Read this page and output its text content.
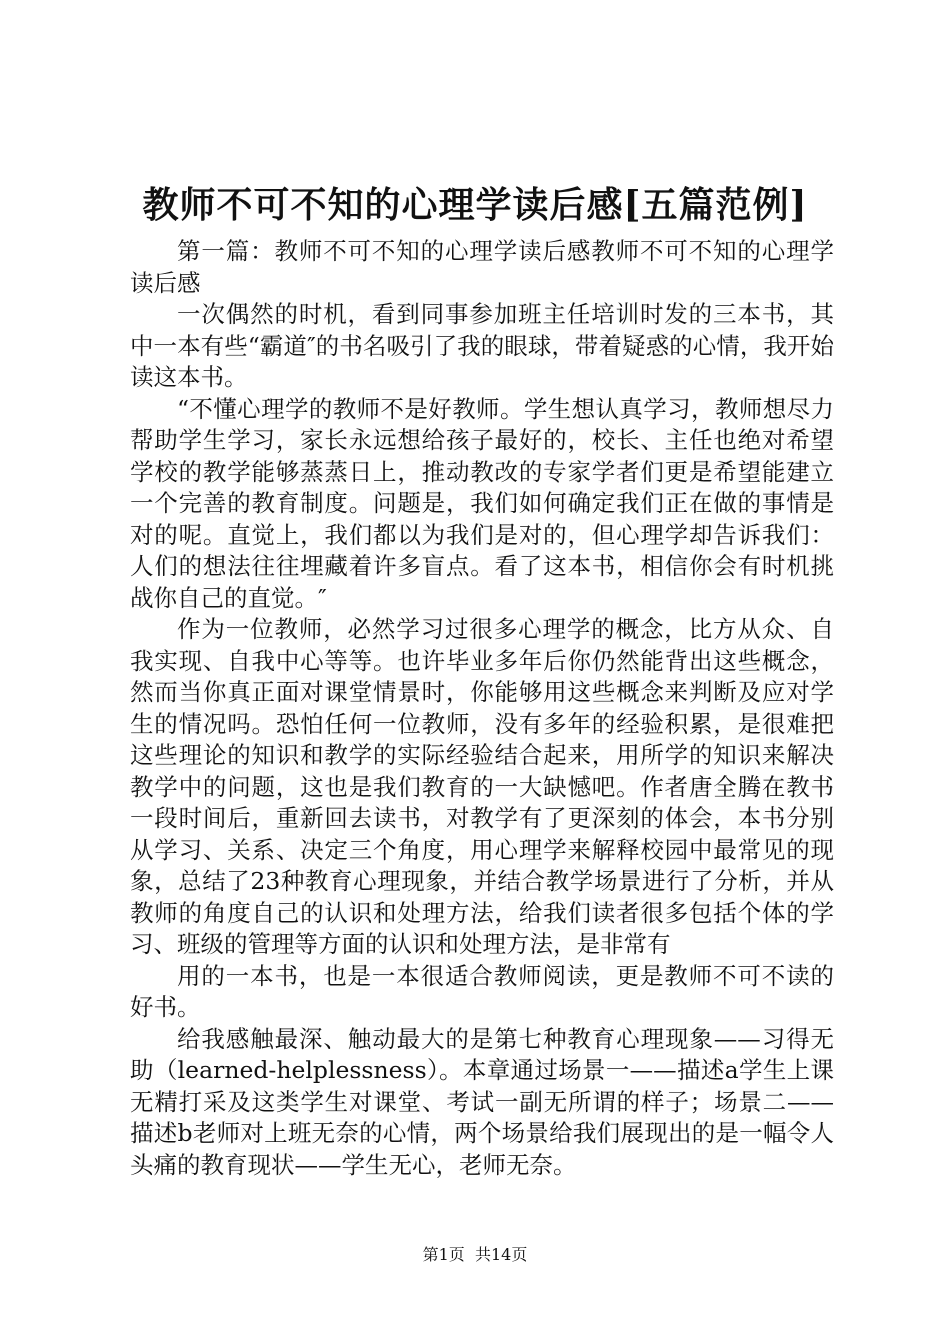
教师不可不知的心理学读后感[五篇范例]

第一篇：教师不可不知的心理学读后感教师不可不知的心理学读后感

一次偶然的时机，看到同事参加班主任培训时发的三本书，其中一本有些“霸道″的书名吸引了我的眼球，带着疑惑的心情，我开始读这本书。

“不懂心理学的教师不是好教师。学生想认真学习，教师想尽力帮助学生学习，家长永远想给孩子最好的，校长、主任也绝对希望学校的教学能够蒸蒸日上，推动教改的专家学者们更是希望能建立一个完善的教育制度。问题是，我们如何确定我们正在做的事情是对的呢。直觉上，我们都以为我们是对的，但心理学却告诉我们：人们的想法往往埋藏着许多盲点。看了这本书，相信你会有时机挑战你自己的直觉。″

作为一位教师，必然学习过很多心理学的概念，比方从众、自我实现、自我中心等等。也许毕业多年后你仍然能背出这些概念，然而当你真正面对课堂情景时，你能够用这些概念来判断及应对学生的情况吗。恐怕任何一位教师，没有多年的经验积累，是很难把这些理论的知识和教学的实际经验结合起来，用所学的知识来解决教学中的问题，这也是我们教育的一大缺憾吧。作者唐全腾在教书一段时间后，重新回去读书，对教学有了更深刻的体会，本书分别从学习、关系、决定三个角度，用心理学来解释校园中最常见的现象，总结了23种教育心理现象，并结合教学场景进行了分析，并从教师的角度自己的认识和处理方法，给我们读者很多包括个体的学习、班级的管理等方面的认识和处理方法，是非常有

用的一本书，也是一本很适合教师阅读，更是教师不可不读的好书。

给我感触最深、触动最大的是第七种教育心理现象——习得无助（learned-helplessness）。本章通过场景一——描述a学生上课无精打采及这类学生对课堂、考试一副无所谓的样子；场景二——描述b老师对上班无奈的心情，两个场景给我们展现出的是一幅令人头痛的教育现状——学生无心，老师无奈。

第1页 共14页
